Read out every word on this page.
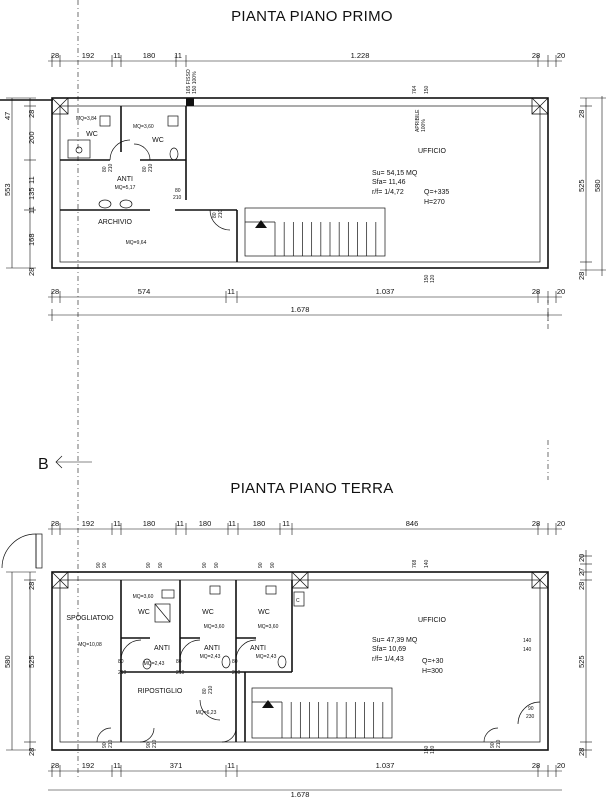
PIANTA PIANO PRIMO
28	192	11	180	11	1.228	28 20
MQ=3,84
WC
MQ=3,60
WC
ANTI
MQ=5,17
ARCHIVIO
MQ=9,64
UFFICIO
Su= 54,15 MQ
Sfa= 11,46
r/f= 1/4,72	Q=+335
H=270
165 FISSO 150 100%	764 150
APRIBILE 100%
80 210	80 210
80
210
80 210
150 120
47 28
553
200
11
135
11
168
28
28
525 580
28
28	574	11	1.037	28 20
1.678
B
PIANTA PIANO TERRA
28	192	11	180	11 180 11 180 11	846	28 20
SPOGLIATOIO
MQ=10,08
MQ=3,60
WC	WC
MQ=3,60
WC
MQ=3,60
ANTI
MQ=2,43
ANTI
MQ=2,43
ANTI
MQ=2,43
RIPOSTIGLIO
MQ=6,23
UFFICIO
Su= 47,39 MQ
Sfa= 10,69
r/f= 1/4,43	Q=+30
H=300
90 90	90 90	90 90	90 90	768 140
80
210
80
210
80
210
80 210
140
140
90
230
90 210	90 210
150 120
90 210
C
28
580 525
28
20
27
28
525
28
28	192	11	371	11	1.037	28 20
1.678
